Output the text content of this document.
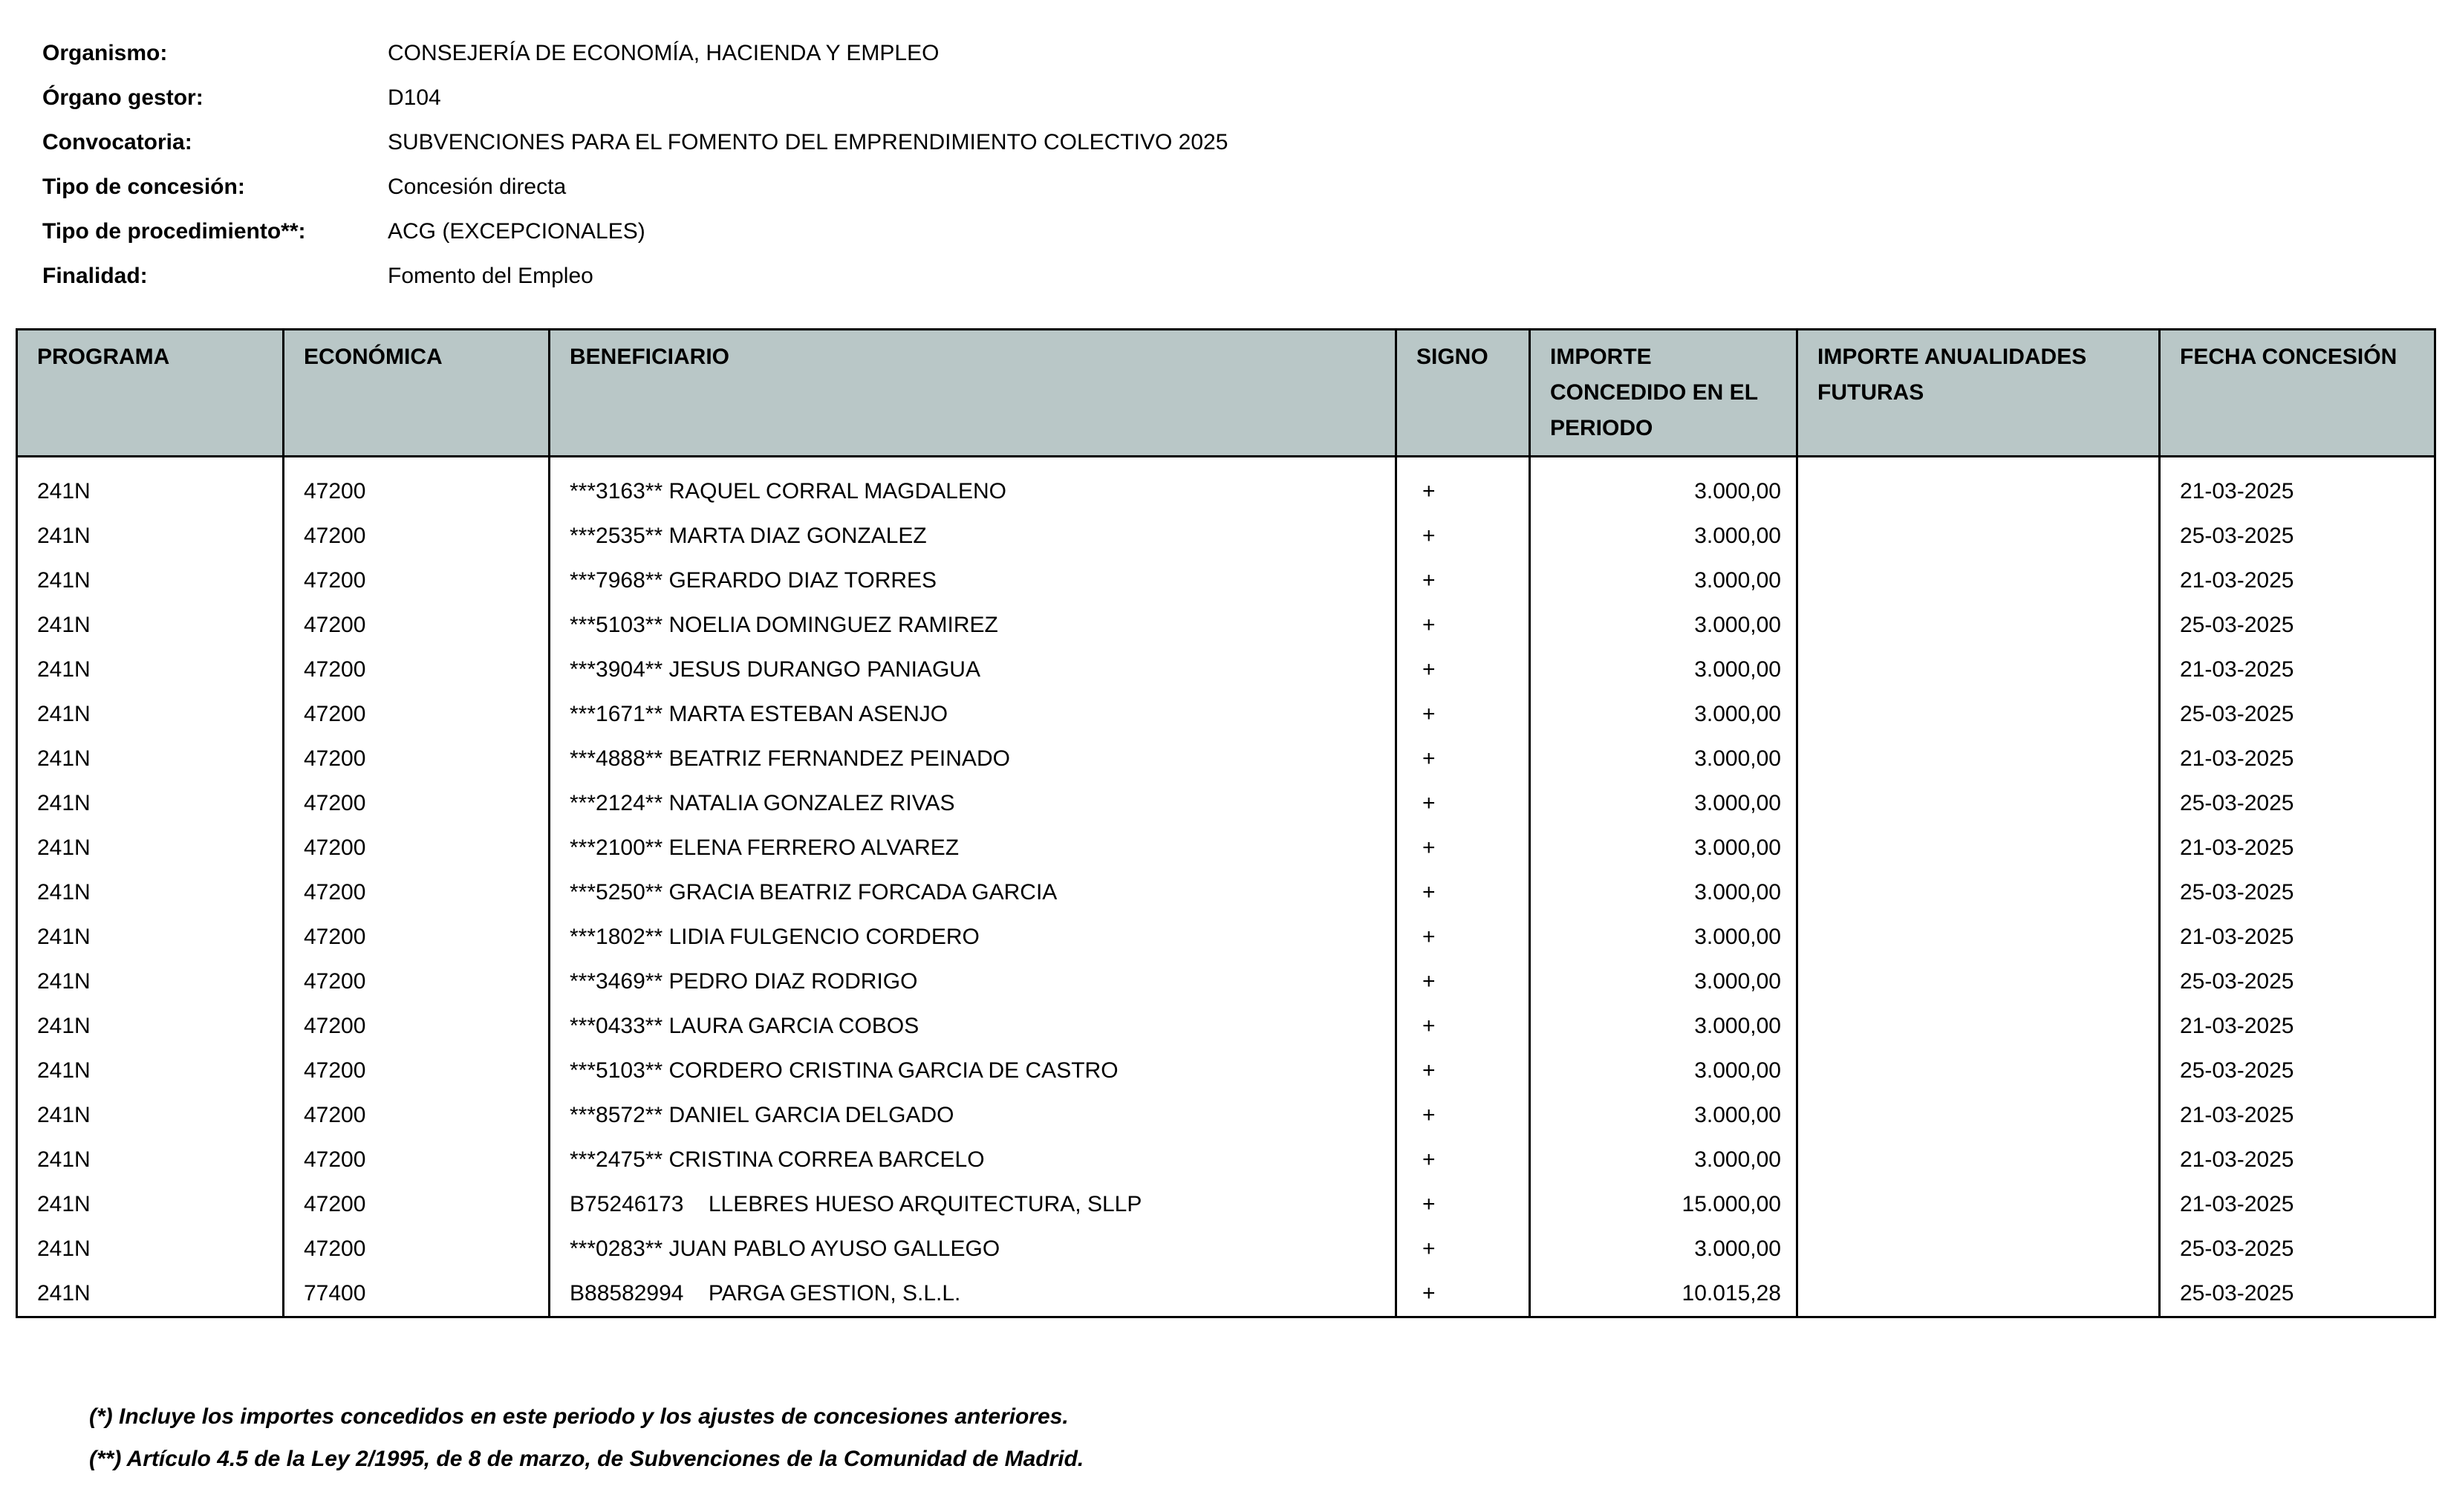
Organismo:	CONSEJERÍA DE ECONOMÍA, HACIENDA Y EMPLEO
Órgano gestor:	D104
Convocatoria:	SUBVENCIONES PARA EL FOMENTO DEL EMPRENDIMIENTO COLECTIVO 2025
Tipo de concesión:	Concesión directa
Tipo de procedimiento**:	ACG (EXCEPCIONALES)
Finalidad:	Fomento del Empleo
PROGRAMA	ECONÓMICA	BENEFICIARIO	SIGNO	IMPORTE CONCEDIDO EN EL PERIODO	IMPORTE ANUALIDADES FUTURAS	FECHA CONCESIÓN
241N	47200	***3163** RAQUEL CORRAL MAGDALENO	+	3.000,00		21-03-2025
241N	47200	***2535** MARTA DIAZ GONZALEZ	+	3.000,00		25-03-2025
241N	47200	***7968** GERARDO DIAZ TORRES	+	3.000,00		21-03-2025
241N	47200	***5103** NOELIA DOMINGUEZ RAMIREZ	+	3.000,00		25-03-2025
241N	47200	***3904** JESUS DURANGO PANIAGUA	+	3.000,00		21-03-2025
241N	47200	***1671** MARTA ESTEBAN ASENJO	+	3.000,00		25-03-2025
241N	47200	***4888** BEATRIZ FERNANDEZ PEINADO	+	3.000,00		21-03-2025
241N	47200	***2124** NATALIA GONZALEZ RIVAS	+	3.000,00		25-03-2025
241N	47200	***2100** ELENA FERRERO ALVAREZ	+	3.000,00		21-03-2025
241N	47200	***5250** GRACIA BEATRIZ FORCADA GARCIA	+	3.000,00		25-03-2025
241N	47200	***1802** LIDIA FULGENCIO CORDERO	+	3.000,00		21-03-2025
241N	47200	***3469** PEDRO DIAZ RODRIGO	+	3.000,00		25-03-2025
241N	47200	***0433** LAURA GARCIA COBOS	+	3.000,00		21-03-2025
241N	47200	***5103** CORDERO CRISTINA GARCIA DE CASTRO	+	3.000,00		25-03-2025
241N	47200	***8572** DANIEL GARCIA DELGADO	+	3.000,00		21-03-2025
241N	47200	***2475** CRISTINA CORREA BARCELO	+	3.000,00		21-03-2025
241N	47200	B75246173    LLEBRES HUESO ARQUITECTURA, SLLP	+	15.000,00		21-03-2025
241N	47200	***0283** JUAN PABLO AYUSO GALLEGO	+	3.000,00		25-03-2025
241N	77400	B88582994    PARGA GESTION, S.L.L.	+	10.015,28		25-03-2025
(*) Incluye los importes concedidos en este periodo y los ajustes de concesiones anteriores.
(**) Artículo 4.5 de la Ley 2/1995, de 8 de marzo, de Subvenciones de la Comunidad de Madrid.
